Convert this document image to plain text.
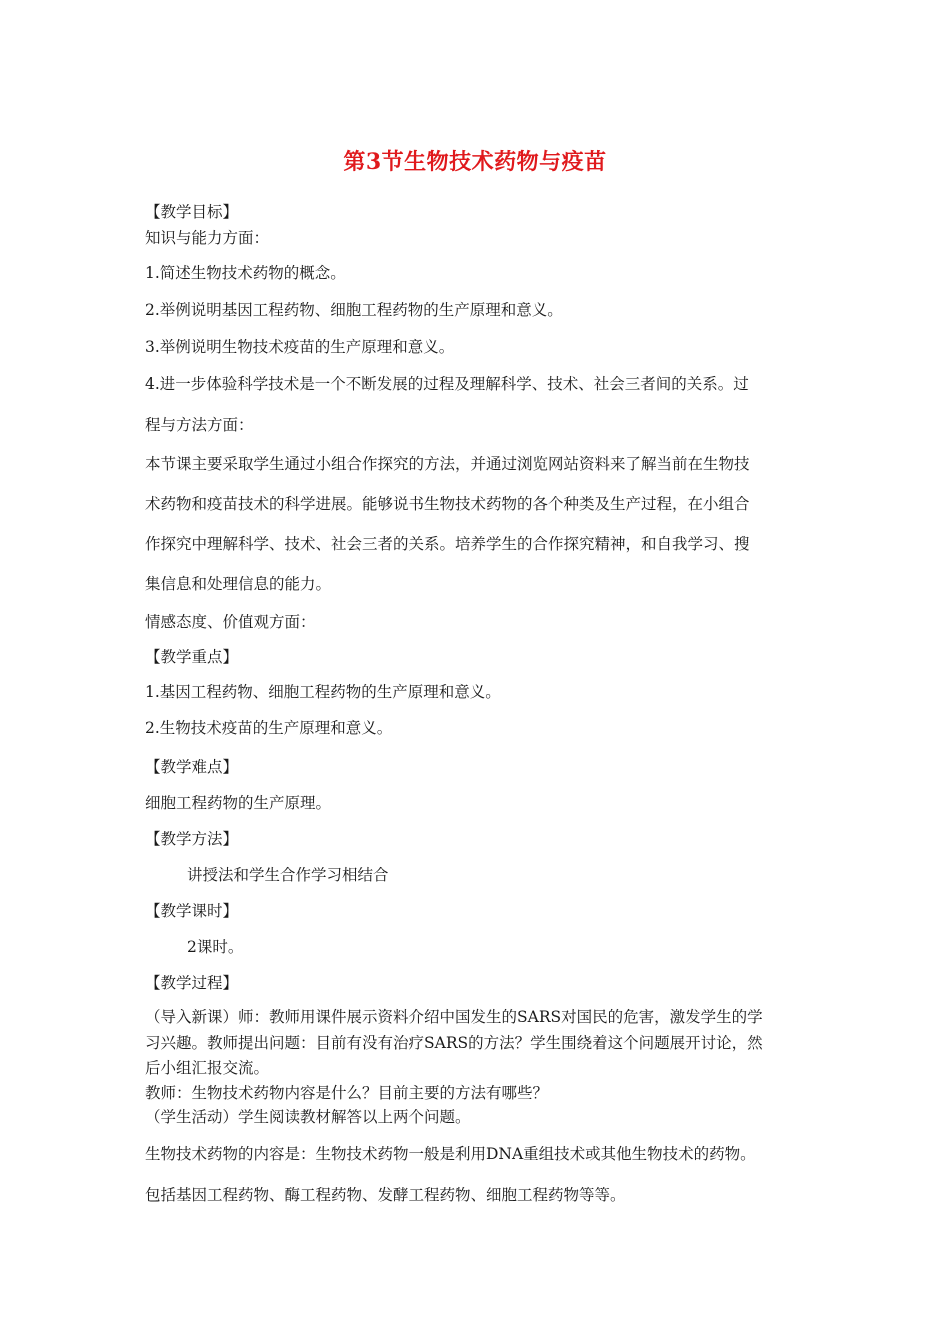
第3节生物技术药物与疫苗
【教学目标】
知识与能力方面：
1.简述生物技术药物的概念。
2.举例说明基因工程药物、细胞工程药物的生产原理和意义。
3.举例说明生物技术疫苗的生产原理和意义。
4.进一步体验科学技术是一个不断发展的过程及理解科学、技术、社会三者间的关系。过
程与方法方面：
本节课主要采取学生通过小组合作探究的方法，并通过浏览网站资料来了解当前在生物技
术药物和疫苗技术的科学进展。能够说书生物技术药物的各个种类及生产过程，在小组合
作探究中理解科学、技术、社会三者的关系。培养学生的合作探究精神，和自我学习、搜
集信息和处理信息的能力。
情感态度、价值观方面：
【教学重点】
1.基因工程药物、细胞工程药物的生产原理和意义。
2.生物技术疫苗的生产原理和意义。
【教学难点】
细胞工程药物的生产原理。
【教学方法】
讲授法和学生合作学习相结合
【教学课时】
2课时。
【教学过程】
（导入新课）师：教师用课件展示资料介绍中国发生的SARS对国民的危害，激发学生的学
习兴趣。教师提出问题：目前有没有治疗SARS的方法？学生围绕着这个问题展开讨论，然
后小组汇报交流。
教师：生物技术药物内容是什么？目前主要的方法有哪些？
（学生活动）学生阅读教材解答以上两个问题。
生物技术药物的内容是：生物技术药物一般是利用DNA重组技术或其他生物技术的药物。
包括基因工程药物、酶工程药物、发酵工程药物、细胞工程药物等等。
